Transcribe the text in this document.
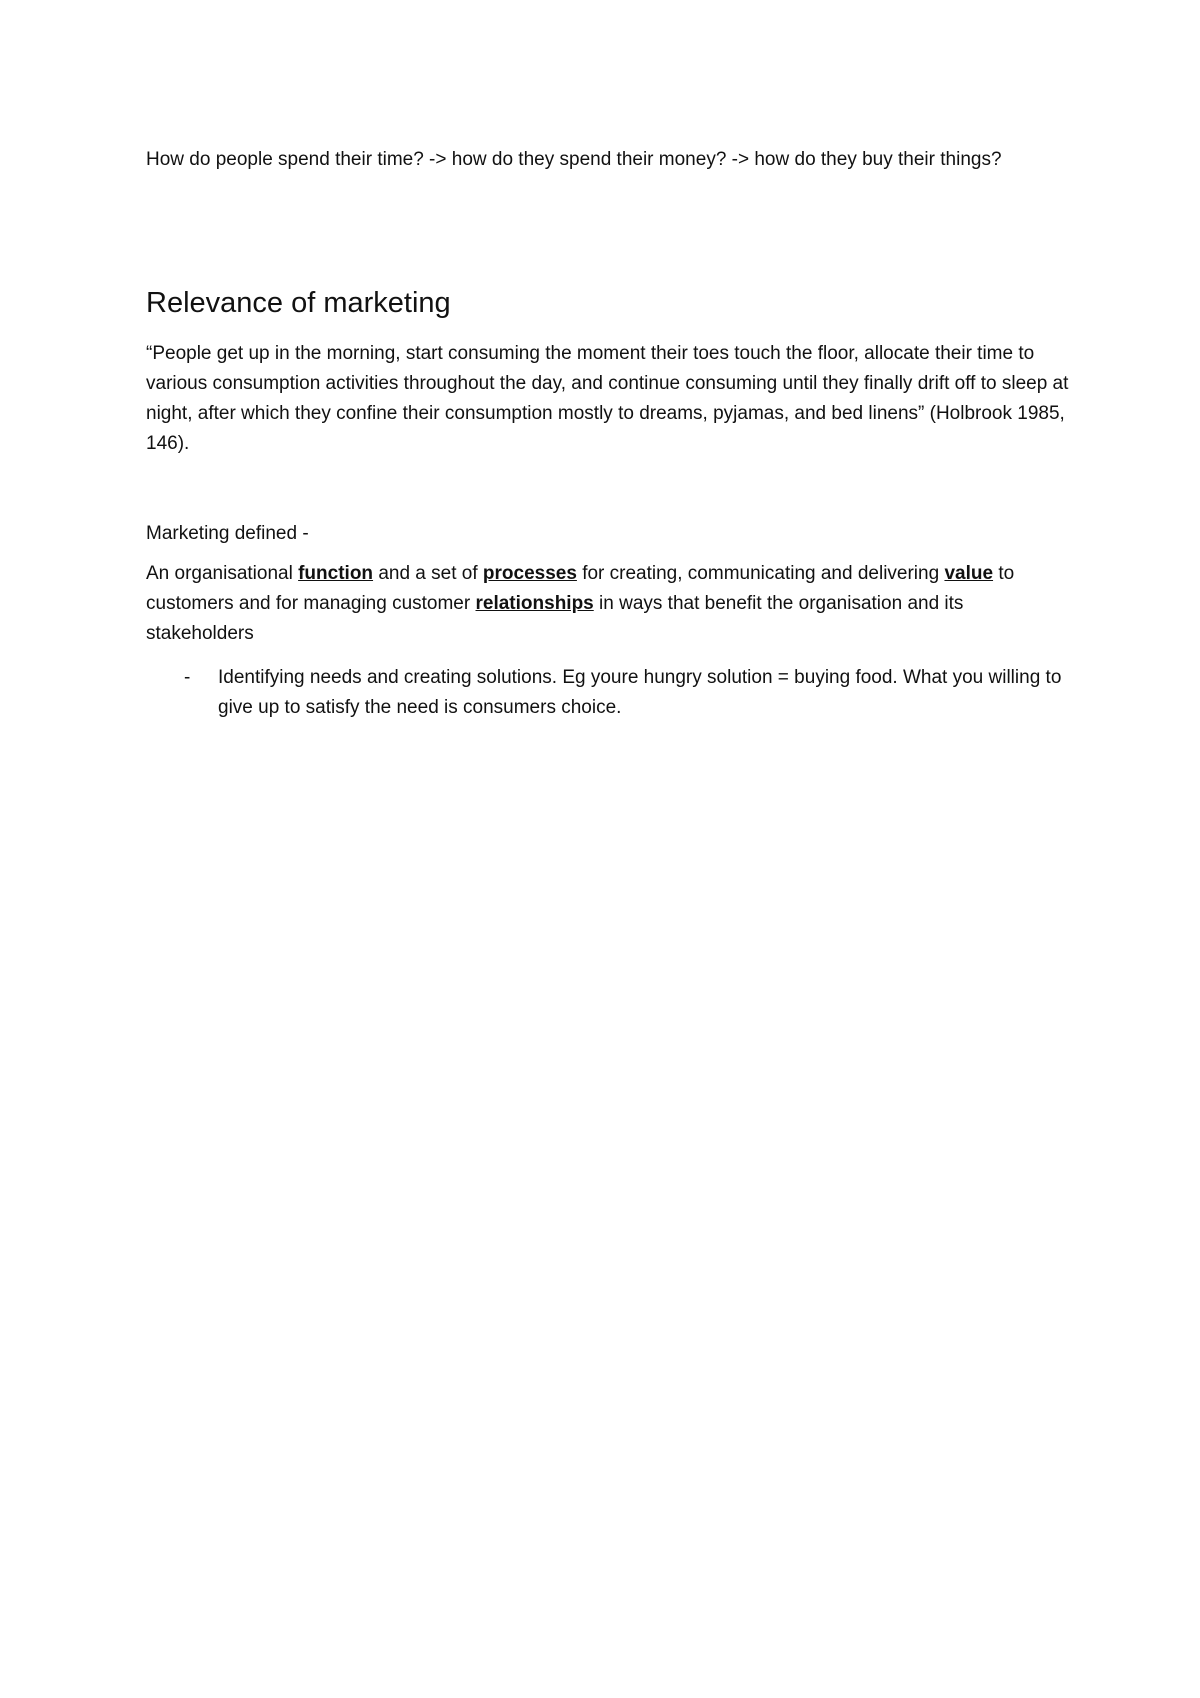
How do people spend their time? -> how do they spend their money? -> how do they buy their things?

Relevance of marketing

“People get up in the morning, start consuming the moment their toes touch the floor, allocate their time to various consumption activities throughout the day, and continue consuming until they finally drift off to sleep at night, after which they confine their consumption mostly to dreams, pyjamas, and bed linens” (Holbrook 1985, 146).

Marketing defined -

An organisational function and a set of processes for creating, communicating and delivering value to customers and for managing customer relationships in ways that benefit the organisation and its stakeholders

- Identifying needs and creating solutions. Eg youre hungry solution = buying food. What you willing to give up to satisfy the need is consumers choice.
